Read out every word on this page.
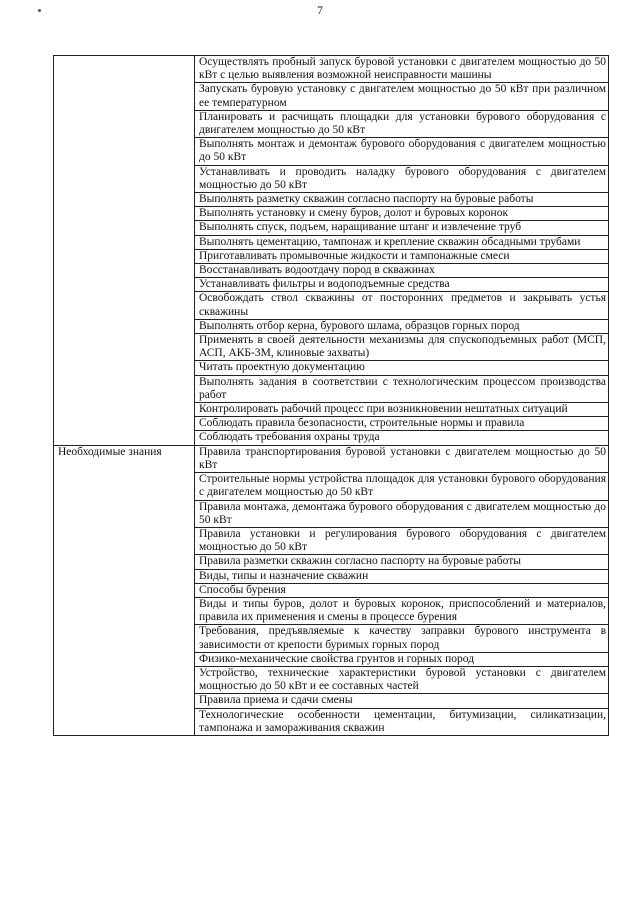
7
	Осуществлять пробный запуск буровой установки с двигателем мощностью до 50 кВт с целью выявления возможной неисправности машины
	Запускать буровую установку с двигателем мощностью до 50 кВт при различном ее температурном
	Планировать и расчищать площадки для установки бурового оборудования с двигателем мощностью до 50 кВт
	Выполнять монтаж и демонтаж бурового оборудования с двигателем мощностью до 50 кВт
	Устанавливать и проводить наладку бурового оборудования с двигателем мощностью до 50 кВт
	Выполнять разметку скважин согласно паспорту на буровые работы
	Выполнять установку и смену буров, долот и буровых коронок
	Выполнять спуск, подъем, наращивание штанг и извлечение труб
	Выполнять цементацию, тампонаж и крепление скважин обсадными трубами
	Приготавливать промывочные жидкости и тампонажные смеси
	Восстанавливать водоотдачу пород в скважинах
	Устанавливать фильтры и водоподъемные средства
	Освобождать ствол скважины от посторонних предметов и закрывать устья скважины
	Выполнять отбор керна, бурового шлама, образцов горных пород
	Применять в своей деятельности механизмы для спускоподъемных работ (МСП, АСП, АКБ-3М, клиновые захваты)
	Читать проектную документацию
	Выполнять задания в соответствии с технологическим процессом производства работ
	Контролировать рабочий процесс при возникновении нештатных ситуаций
	Соблюдать правила безопасности, строительные нормы и правила
	Соблюдать требования охраны труда
Необходимые знания	Правила транспортирования буровой установки с двигателем мощностью до 50 кВт
	Строительные нормы устройства площадок для установки бурового оборудования с двигателем мощностью до 50 кВт
	Правила монтажа, демонтажа бурового оборудования с двигателем мощностью до 50 кВт
	Правила установки и регулирования бурового оборудования с двигателем мощностью до 50 кВт
	Правила разметки скважин согласно паспорту на буровые работы
	Виды, типы и назначение скважин
	Способы бурения
	Виды и типы буров, долот и буровых коронок, приспособлений и материалов, правила их применения и смены в процессе бурения
	Требования, предъявляемые к качеству заправки бурового инструмента в зависимости от крепости буримых горных пород
	Физико-механические свойства грунтов и горных пород
	Устройство, технические характеристики буровой установки с двигателем мощностью до 50 кВт и ее составных частей
	Правила приема и сдачи смены
	Технологические особенности цементации, битумизации, силикатизации, тампонажа и замораживания скважин
